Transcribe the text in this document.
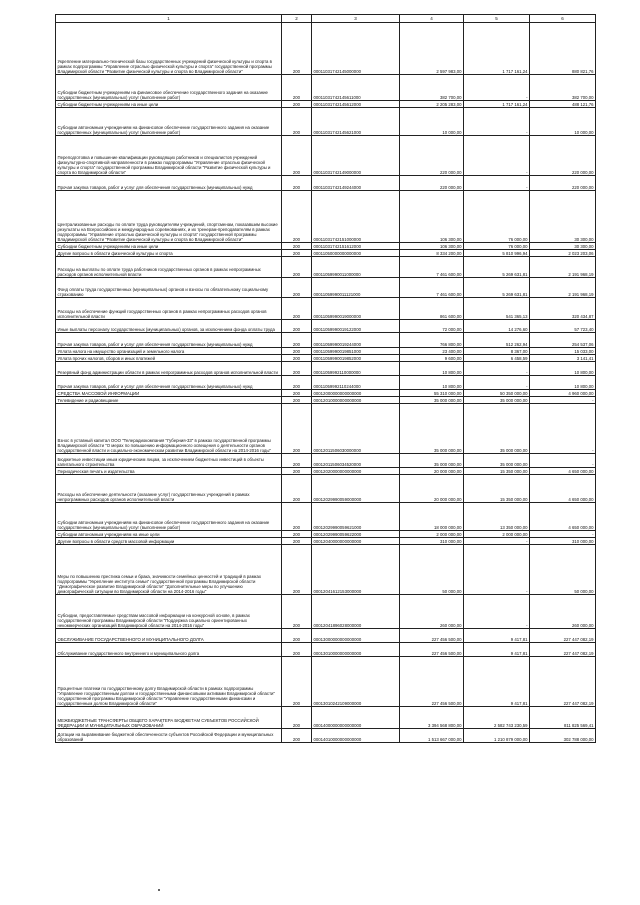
1	2	3	4	5	6
Укрепление материально-технической базы государственных учреждений физической культуры и спорта в рамках подпрограммы "Управление отраслью физической культуры и спорта" государственной программы Владимирской области "Развитие физической культуры и спорта во Владимирской области"	200	00011031742145000000	2 597 983,00	1 717 161,24	880 821,76
Субсидии бюджетным учреждениям на финансовое обеспечение государственного задания на оказание государственных (муниципальных) услуг (выполнение работ)	200	00011031742145611000	382 700,00	-	382 700,00
Субсидии бюджетным учреждениям на иные цели	200	00011031742145612000	2 205 283,00	1 717 161,24	488 121,76
Субсидии автономным учреждениям на финансовое обеспечение государственного задания на оказание государственных (муниципальных) услуг (выполнение работ)	200	00011031742145621000	10 000,00	-	10 000,00
Переподготовка и повышение квалификации руководящих работников и специалистов учреждений физкультурно-спортивной направленности в рамках подпрограммы "Управление отраслью физической культуры и спорта" государственной программы Владимирской области "Развитие физической культуры и спорта во Владимирской области"	200	00011031742149000000	220 000,00	-	220 000,00
Прочая закупка товаров, работ и услуг для обеспечения государственных (муниципальных) нужд	200	00011031742149244000	220 000,00	-	220 000,00
Централизованные расходы по оплате труда руководителям учреждений, спортсменам, показавшим высокие результаты на Всероссийских и международных соревнованиях, и их тренерам-преподавателям в рамках подпрограммы "Управление отраслью физической культуры и спорта" государственной программы Владимирской области "Развитие физической культуры и спорта во Владимирской области"	200	00011031742151000000	106 300,00	76 000,00	30 300,00
Субсидии бюджетным учреждениям на иные цели	200	00011031742151612000	106 300,00	76 000,00	30 300,00
Другие вопросы в области физической культуры и спорта	200	00011050000000000000	8 334 200,00	5 810 996,94	2 023 203,06
Расходы на выплаты по оплате труда работников государственных органов в рамках непрограммных расходов органов исполнительной власти	200	00011059990011000000	7 461 600,00	5 269 631,81	2 191 968,19
Фонд оплаты труда государственных (муниципальных) органов и взносы по обязательному социальному страхованию	200	00011059990011121000	7 461 600,00	5 269 631,81	2 191 968,19
Расходы на обеспечение функций государственных органов в рамках непрограммных расходов органов исполнительной власти	200	00011059990019000000	861 600,00	541 365,13	320 434,87
Иные выплаты персоналу государственных (муниципальных) органов, за исключением фонда оплаты труда	200	00011059990019122000	72 000,00	14 276,60	57 723,40
Прочая закупка товаров, работ и услуг для обеспечения государственных (муниципальных) нужд	200	00011059990019244000	766 800,00	512 262,94	254 537,06
Уплата налога на имущество организаций и земельного налога	200	00011059990019851000	23 400,00	8 367,00	15 033,00
Уплата прочих налогов, сборов и иных платежей	200	00011059990019852000	9 600,00	6 458,59	3 141,41
Резервный фонд администрации области в рамках непрограммных расходов органов исполнительной власти	200	00011059992110000000	10 800,00	-	10 800,00
Прочая закупка товаров, работ и услуг для обеспечения государственных (муниципальных) нужд	200	00011059992110244000	10 800,00	-	10 800,00
СРЕДСТВА МАССОВОЙ ИНФОРМАЦИИ	200	00012000000000000000	55 310 000,00	50 350 000,00	4 960 000,00
Телевидение и радиовещание	200	00012010000000000000	35 000 000,00	35 000 000,00	-
Взнос в уставный капитал ООО "Телерадиокомпания "Губерния-33" в рамках государственной программы Владимирской области "О мерах по повышению информационного освещения о деятельности органов государственной власти и социально-экономическом развитии Владимирской области на 2014-2016 годы"	200	00012011506030000000	35 000 000,00	35 000 000,00	-
Бюджетные инвестиции иным юридическим лицам, за исключением бюджетных инвестиций в объекты капитального строительства	200	00012011506034520000	35 000 000,00	35 000 000,00	-
Периодическая печать и издательства	200	00012020000000000000	20 000 000,00	15 350 000,00	4 650 000,00
Расходы на обеспечение деятельности (оказание услуг) государственных учреждений в рамках непрограммных расходов органов исполнительной власти	200	00012029990059000000	20 000 000,00	15 350 000,00	4 650 000,00
Субсидии автономным учреждениям на финансовое обеспечение государственного задания на оказание государственных (муниципальных) услуг (выполнение работ)	200	00012029990059621000	18 000 000,00	13 350 000,00	4 650 000,00
Субсидии автономным учреждениям на иные цели	200	00012029990059622000	2 000 000,00	2 000 000,00	-
Другие вопросы в области средств массовой информации	200	00012040000000000000	310 000,00	-	310 000,00
Меры по повышению престижа семьи и брака, значимости семейных ценностей и традиций в рамках подпрограммы "Укрепление института семьи" государственной программы Владимирской области "Демографическое развитие Владимирской области" "Дополнительные меры по улучшению демографической ситуации во Владимирской области на 2014-2016 годы"	200	00012041612153000000	50 000,00	-	50 000,00
Субсидии, предоставляемые средствам массовой информации на конкурсной основе, в рамках государственной программы Владимирской области "Поддержка социально ориентированных некоммерческих организаций Владимирской области на 2014-2016 годы"	200	00012041896028000000	260 000,00	-	260 000,00
ОБСЛУЖИВАНИЕ ГОСУДАРСТВЕННОГО И МУНИЦИПАЛЬНОГО ДОЛГА	200	00013000000000000000	227 456 500,00	9 417,81	227 447 082,19
Обслуживание государственного внутреннего и муниципального долга	200	00013010000000000000	227 456 500,00	9 417,81	227 447 082,19
Процентные платежи по государственному долгу Владимирской области в рамках подпрограммы "Управление государственным долгом и государственными финансовыми активами Владимирской области" государственной программы Владимирской области "Управление государственными финансами и государственным долгом Владимирской области"	200	00013010242109000000	227 456 500,00	9 417,81	227 447 082,19
МЕЖБЮДЖЕТНЫЕ ТРАНСФЕРТЫ ОБЩЕГО ХАРАКТЕРА БЮДЖЕТАМ СУБЪЕКТОВ РОССИЙСКОЙ ФЕДЕРАЦИИ И МУНИЦИПАЛЬНЫХ ОБРАЗОВАНИЙ	200	00014000000000000000	3 394 568 800,00	2 582 743 230,59	811 825 569,41
Дотации на выравнивание бюджетной обеспеченности субъектов Российской Федерации и муниципальных образований	200	00014010000000000000	1 513 667 000,00	1 210 879 000,00	302 788 000,00
